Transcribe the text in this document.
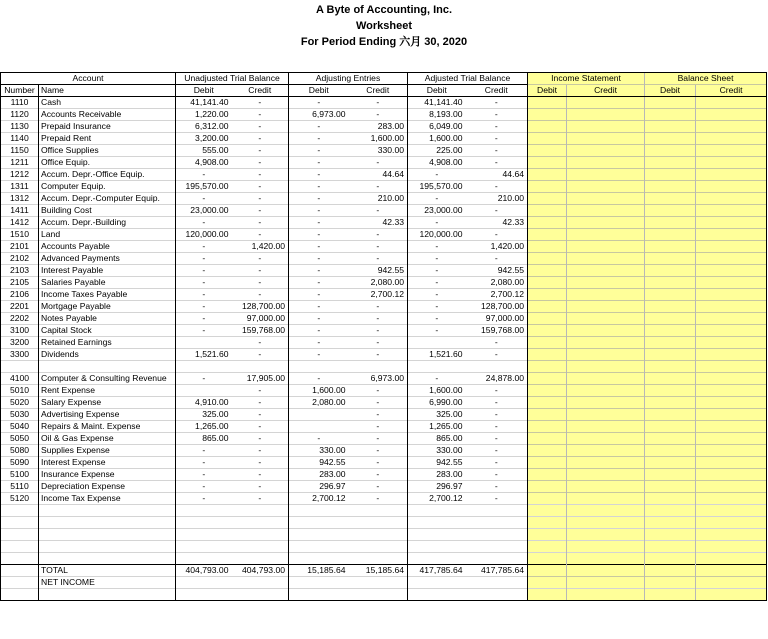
A Byte of Accounting, Inc.
Worksheet
For Period Ending 六月 30, 2020
Account		Unadjusted Trial Balance		Adjusting Entries		Adjusted Trial Balance		Income Statement		Balance Sheet	
Number	Name	Debit	Credit	Debit	Credit	Debit	Credit	Debit	Credit	Debit	Credit
1110	Cash	41,141.40	-	-	-	41,141.40	-				
1120	Accounts Receivable	1,220.00	-	6,973.00	-	8,193.00	-				
1130	Prepaid Insurance	6,312.00	-	-	283.00	6,049.00	-				
1140	Prepaid Rent	3,200.00	-	-	1,600.00	1,600.00	-				
1150	Office Supplies	555.00	-	-	330.00	225.00	-				
1211	Office Equip.	4,908.00	-	-	-	4,908.00	-				
1212	Accum. Depr.-Office Equip.	-	-	-	44.64	-	44.64				
1311	Computer Equip.	195,570.00	-	-	-	195,570.00	-				
1312	Accum. Depr.-Computer Equip.	-	-	-	210.00	-	210.00				
1411	Building Cost	23,000.00	-	-	-	23,000.00	-				
1412	Accum. Depr.-Building	-	-	-	42.33	-	42.33				
1510	Land	120,000.00	-	-	-	120,000.00	-				
2101	Accounts Payable	-	1,420.00	-	-	-	1,420.00				
2102	Advanced Payments	-	-	-	-	-	-				
2103	Interest Payable	-	-	-	942.55	-	942.55				
2105	Salaries Payable	-	-	-	2,080.00	-	2,080.00				
2106	Income Taxes Payable	-	-	-	2,700.12	-	2,700.12				
2201	Mortgage Payable	-	128,700.00	-	-	-	128,700.00				
2202	Notes Payable	-	97,000.00	-	-	-	97,000.00				
3100	Capital Stock	-	159,768.00	-	-	-	159,768.00				
3200	Retained Earnings		-	-	-		-				
3300	Dividends	1,521.60	-	-	-	1,521.60	-				

4100	Computer & Consulting Revenue	-	17,905.00	-	6,973.00	-	24,878.00				
5010	Rent Expense		-	1,600.00	-	1,600.00	-				
5020	Salary Expense	4,910.00	-	2,080.00	-	6,990.00	-				
5030	Advertising Expense	325.00	-		-	325.00	-				
5040	Repairs & Maint. Expense	1,265.00	-		-	1,265.00	-				
5050	Oil & Gas Expense	865.00	-	-	-	865.00	-				
5080	Supplies Expense	-	-	330.00	-	330.00	-				
5090	Interest Expense	-	-	942.55	-	942.55	-				
5100	Insurance Expense	-	-	283.00	-	283.00	-				
5110	Depreciation Expense	-	-	296.97	-	296.97	-				
5120	Income Tax Expense	-	-	2,700.12	-	2,700.12	-				

	TOTAL	404,793.00	404,793.00	15,185.64	15,185.64	417,785.64	417,785.64				
	NET INCOME										
